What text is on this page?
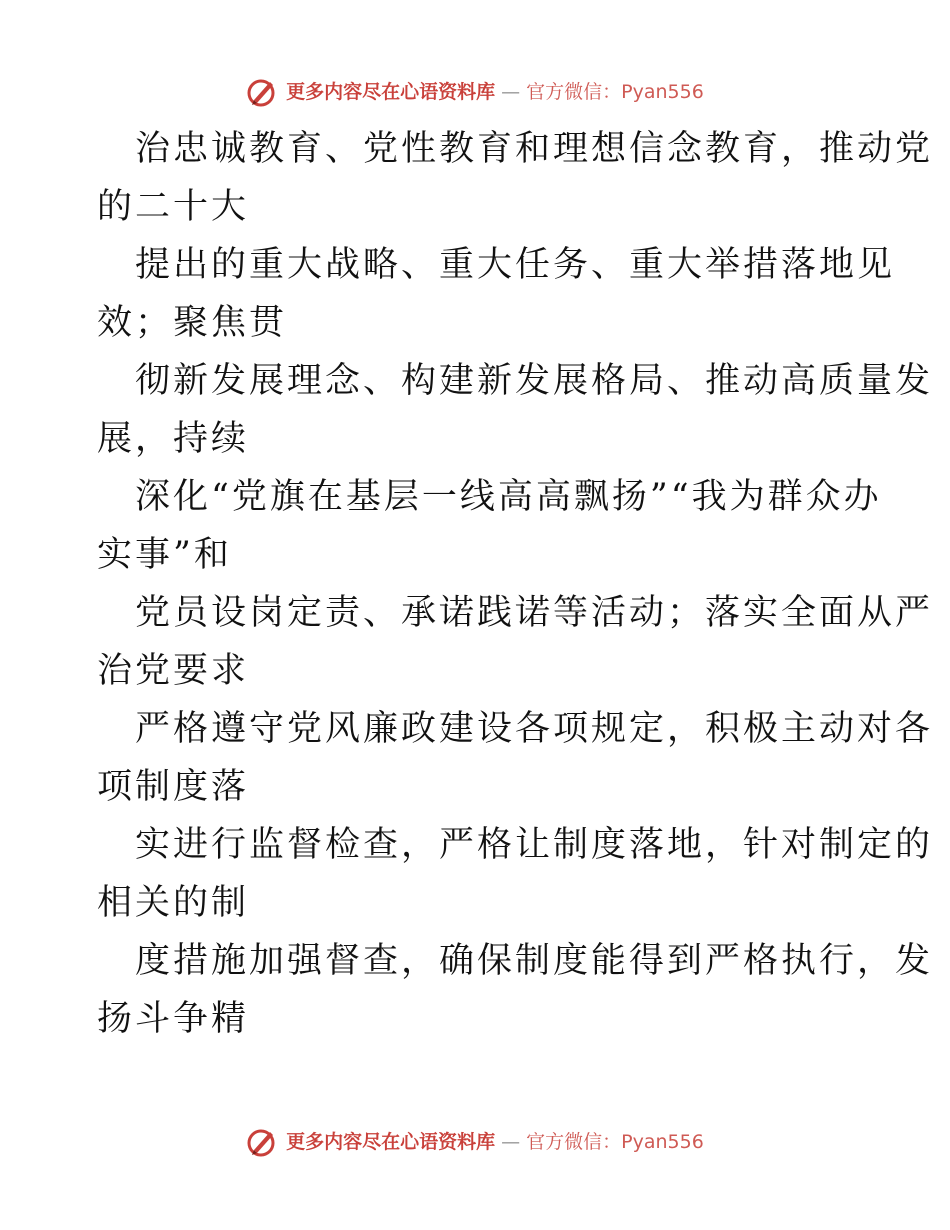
更多内容尽在心语资料库 — 官方微信：Pyan556

治忠诚教育、党性教育和理想信念教育，推动党
的二十大

提出的重大战略、重大任务、重大举措落地见
效；聚焦贯

彻新发展理念、构建新发展格局、推动高质量发
展，持续

深化“党旗在基层一线高高飘扬”“我为群众办
实事”和

党员设岗定责、承诺践诺等活动；落实全面从严
治党要求

严格遵守党风廉政建设各项规定，积极主动对各
项制度落

实进行监督检查，严格让制度落地，针对制定的
相关的制

度措施加强督查，确保制度能得到严格执行，发
扬斗争精

更多内容尽在心语资料库 — 官方微信：Pyan556
